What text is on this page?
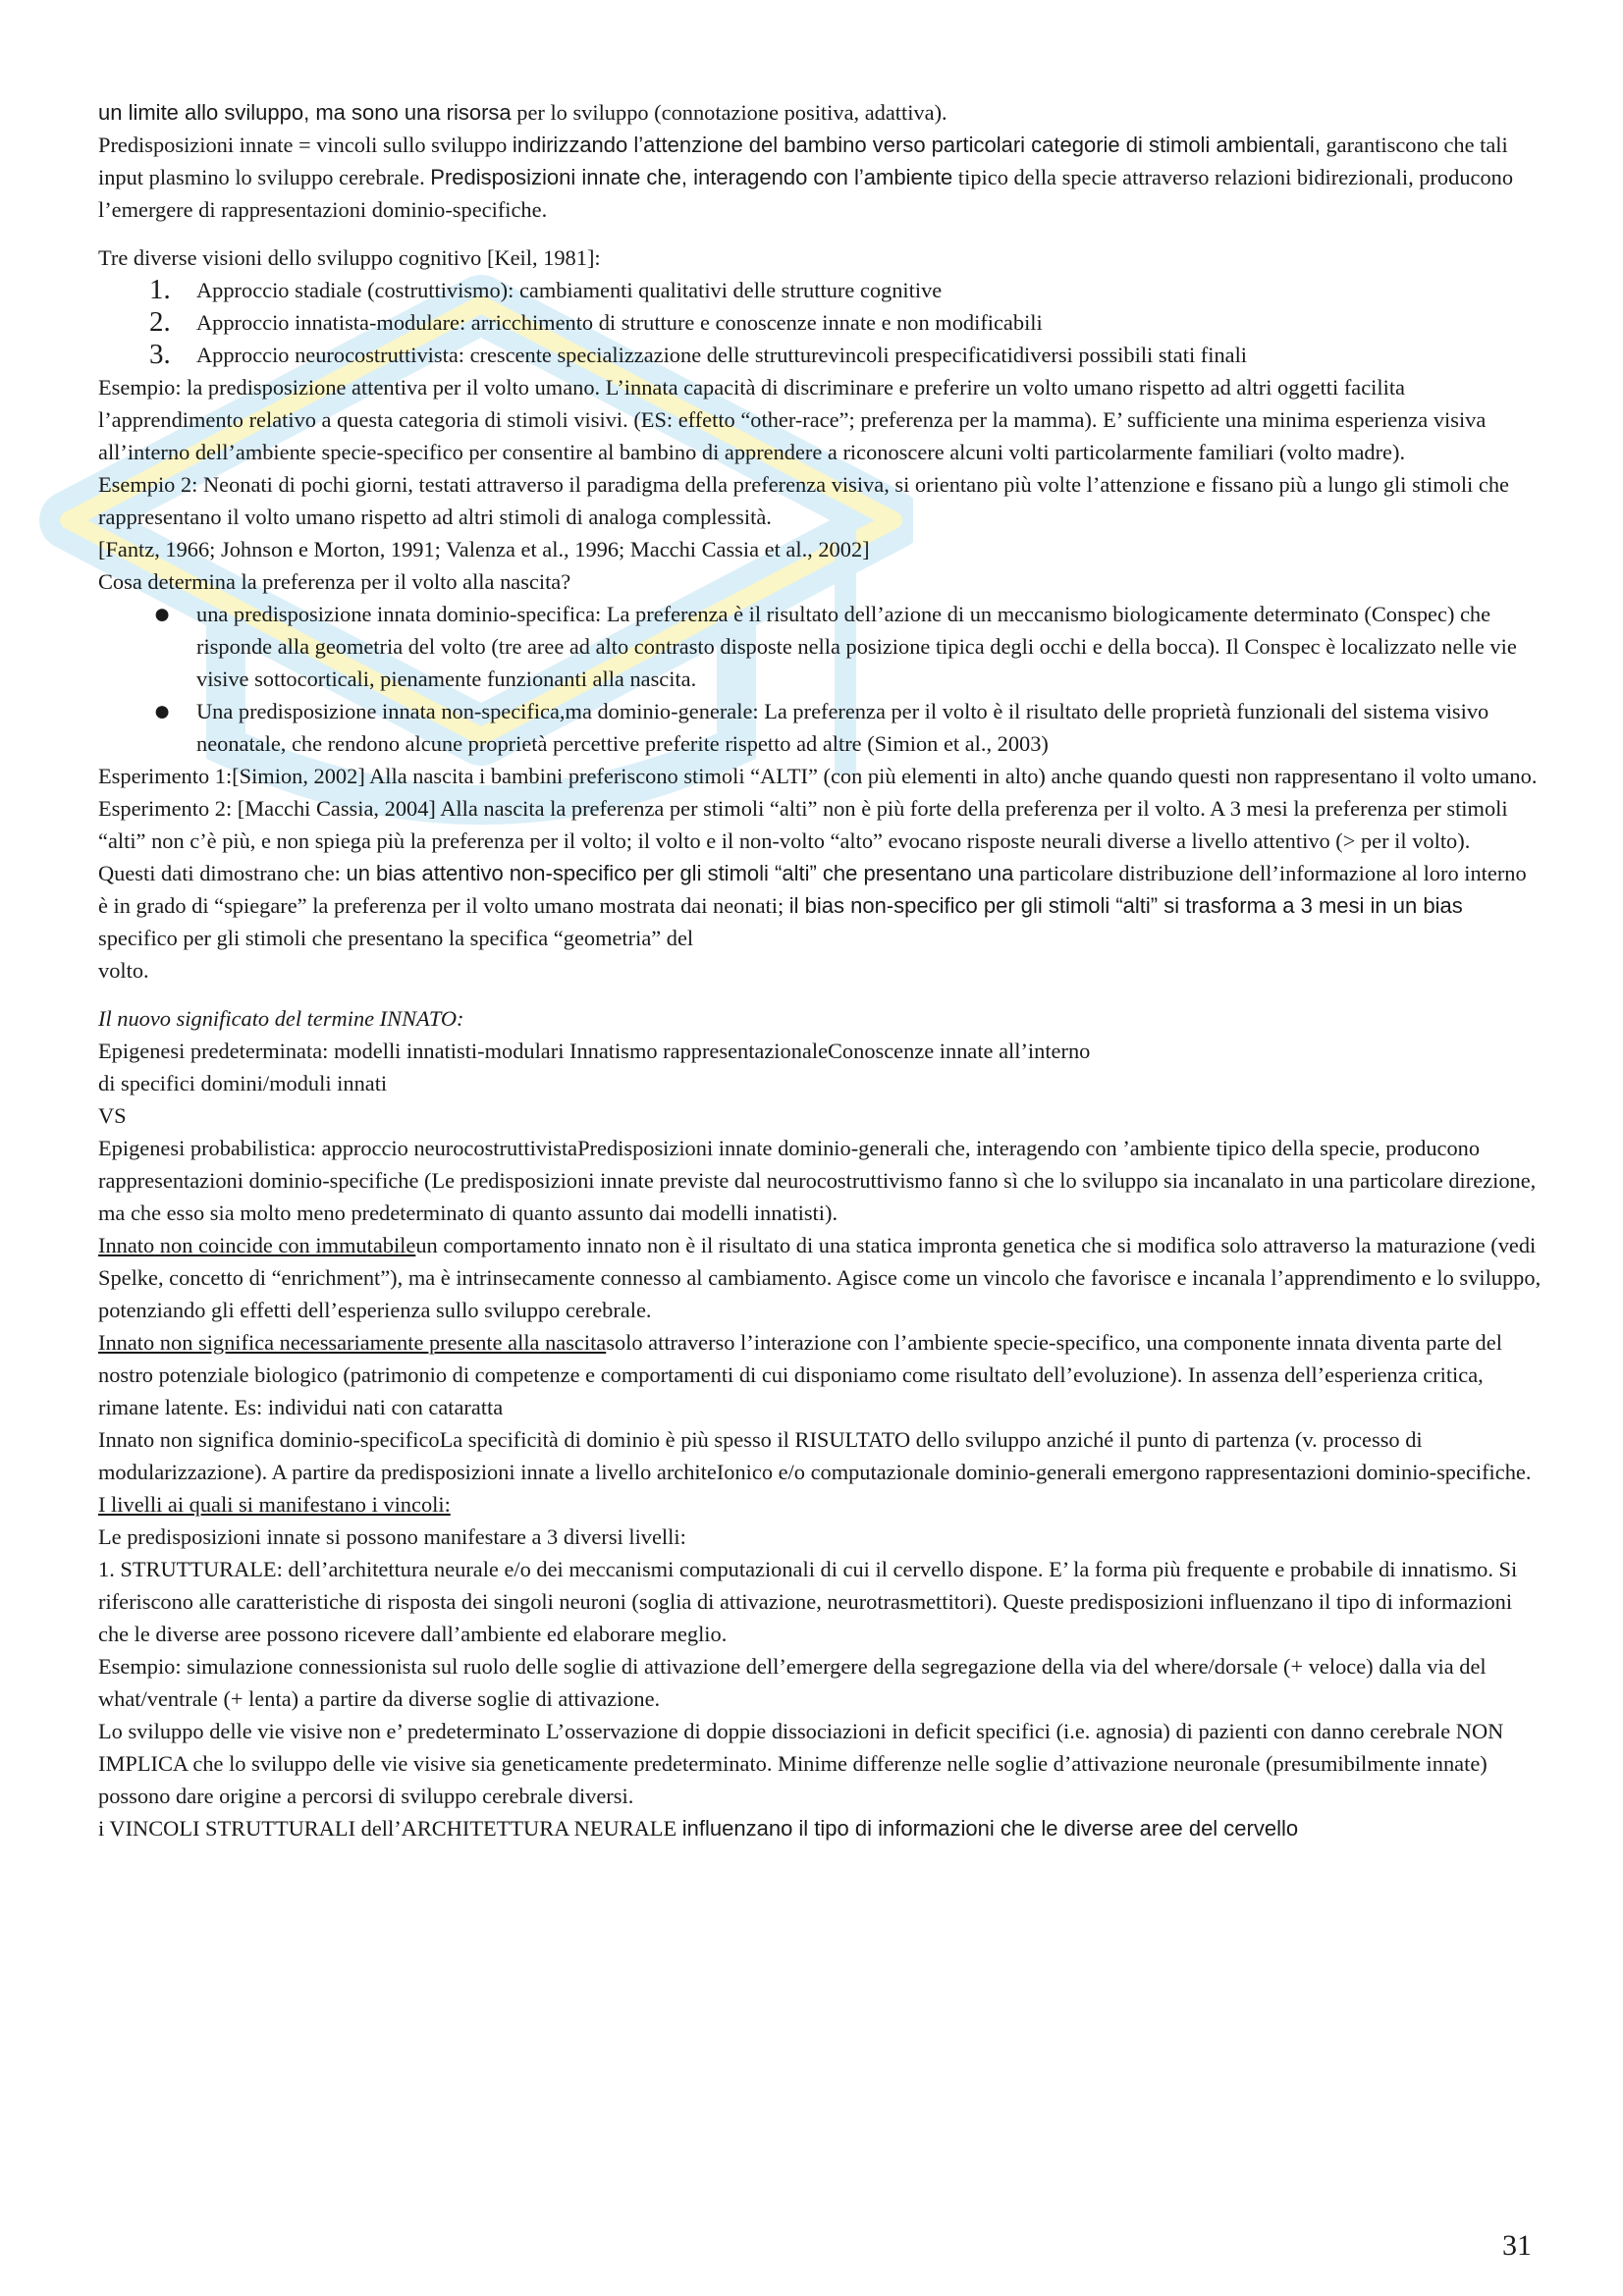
un limite allo sviluppo, ma sono una risorsa per lo sviluppo (connotazione positiva, adattiva).

Predisposizioni innate = vincoli sullo sviluppo indirizzando l’attenzione del bambino verso particolari categorie di stimoli ambientali, garantiscono che tali input plasmino lo sviluppo cerebrale. Predisposizioni innate che, interagendo con l’ambiente tipico della specie attraverso relazioni bidirezionali, producono l’emergere di rappresentazioni dominio-specifiche.

Tre diverse visioni dello sviluppo cognitivo [Keil, 1981]:

1. Approccio stadiale (costruttivismo): cambiamenti qualitativi delle strutture cognitive
2. Approccio innatista-modulare: arricchimento di strutture e conoscenze innate e non modificabili
3. Approccio neurocostruttivista: crescente specializzazione delle strutturevincoli prespecificatidiversi possibili stati finali

Esempio: la predisposizione attentiva per il volto umano. L’innata capacità di discriminare e preferire un volto umano rispetto ad altri oggetti facilita l’apprendimento relativo a questa categoria di stimoli visivi. (ES: effetto “other-race”; preferenza per la mamma). E’ sufficiente una minima esperienza visiva all’interno dell’ambiente specie-specifico per consentire al bambino di apprendere a riconoscere alcuni volti particolarmente familiari (volto madre).

Esempio 2: Neonati di pochi giorni, testati attraverso il paradigma della preferenza visiva, si orientano più volte l’attenzione e fissano più a lungo gli stimoli che rappresentano il volto umano rispetto ad altri stimoli di analoga complessità.

[Fantz, 1966; Johnson e Morton, 1991; Valenza et al., 1996; Macchi Cassia et al., 2002]

Cosa determina la preferenza per il volto alla nascita?

● una predisposizione innata dominio-specifica: La preferenza è il risultato dell’azione di un meccanismo biologicamente determinato (Conspec) che risponde alla geometria del volto (tre aree ad alto contrasto disposte nella posizione tipica degli occhi e della bocca). Il Conspec è localizzato nelle vie visive sottocorticali, pienamente funzionanti alla nascita.
● Una predisposizione innata non-specifica,ma dominio-generale: La preferenza per il volto è il risultato delle proprietà funzionali del sistema visivo neonatale, che rendono alcune proprietà percettive preferite rispetto ad altre (Simion et al., 2003)

Esperimento 1:[Simion, 2002] Alla nascita i bambini preferiscono stimoli “ALTI” (con più elementi in alto) anche quando questi non rappresentano il volto umano.

Esperimento 2: [Macchi Cassia, 2004] Alla nascita la preferenza per stimoli “alti” non è più forte della preferenza per il volto. A 3 mesi la preferenza per stimoli “alti” non c’è più, e non spiega più la preferenza per il volto; il volto e il non-volto “alto” evocano risposte neurali diverse a livello attentivo (> per il volto).

Questi dati dimostrano che: un bias attentivo non-specifico per gli stimoli “alti” che presentano una particolare distribuzione dell’informazione al loro interno è in grado di “spiegare” la preferenza per il volto umano mostrata dai neonati; il bias non-specifico per gli stimoli “alti” si trasforma a 3 mesi in un bias specifico per gli stimoli che presentano la specifica “geometria” del
volto.

Il nuovo significato del termine INNATO:

Epigenesi predeterminata: modelli innatisti-modulari Innatismo rappresentazionaleConoscenze innate all’interno
di specifici domini/moduli innati

VS

Epigenesi probabilistica: approccio neurocostruttivistaPredisposizioni innate dominio-generali che, interagendo con ’ambiente tipico della specie, producono rappresentazioni dominio-specifiche (Le predisposizioni innate previste dal neurocostruttivismo fanno sì che lo sviluppo sia incanalato in una particolare direzione, ma che esso sia molto meno predeterminato di quanto assunto dai modelli innatisti).

Innato non coincide con immutabileun comportamento innato non è il risultato di una statica impronta genetica che si modifica solo attraverso la maturazione (vedi Spelke, concetto di “enrichment”), ma è intrinsecamente connesso al cambiamento. Agisce come un vincolo che favorisce e incanala l’apprendimento e lo sviluppo, potenziando gli effetti dell’esperienza sullo sviluppo cerebrale.

Innato non significa necessariamente presente alla nascitasolo attraverso l’interazione con l’ambiente specie-specifico, una componente innata diventa parte del nostro potenziale biologico (patrimonio di competenze e comportamenti di cui disponiamo come risultato dell’evoluzione). In assenza dell’esperienza critica, rimane latente. Es: individui nati con cataratta

Innato non significa dominio-specificoLa specificità di dominio è più spesso il RISULTATO dello sviluppo anziché il punto di partenza (v. processo di modularizzazione). A partire da predisposizioni innate a livello archite​Ionico e/o computazionale dominio-generali emergono rappresentazioni dominio-specifiche.

I livelli ai quali si manifestano i vincoli:

Le predisposizioni innate si possono manifestare a 3 diversi livelli:

1. STRUTTURALE: dell’architettura neurale e/o dei meccanismi computazionali di cui il cervello dispone. E’ la forma più frequente e probabile di innatismo. Si riferiscono alle caratteristiche di risposta dei singoli neuroni (soglia di attivazione, neurotrasmettitori). Queste predisposizioni influenzano il tipo di informazioni che le diverse aree possono ricevere dall’ambiente ed elaborare meglio.

Esempio: simulazione connessionista sul ruolo delle soglie di attivazione dell’emergere della segregazione della via del where/dorsale (+ veloce) dalla via del what/ventrale (+ lenta) a partire da diverse soglie di attivazione.

Lo sviluppo delle vie visive non e’ predeterminato L’osservazione di doppie dissociazioni in deficit specifici (i.e. agnosia) di pazienti con danno cerebrale NON IMPLICA che lo sviluppo delle vie visive sia geneticamente predeterminato. Minime differenze nelle soglie d’attivazione neuronale (presumibilmente innate) possono dare origine a percorsi di sviluppo cerebrale diversi.

i VINCOLI STRUTTURALI dell’ARCHITETTURA NEURALE influenzano il tipo di informazioni che le diverse aree del cervello

31
